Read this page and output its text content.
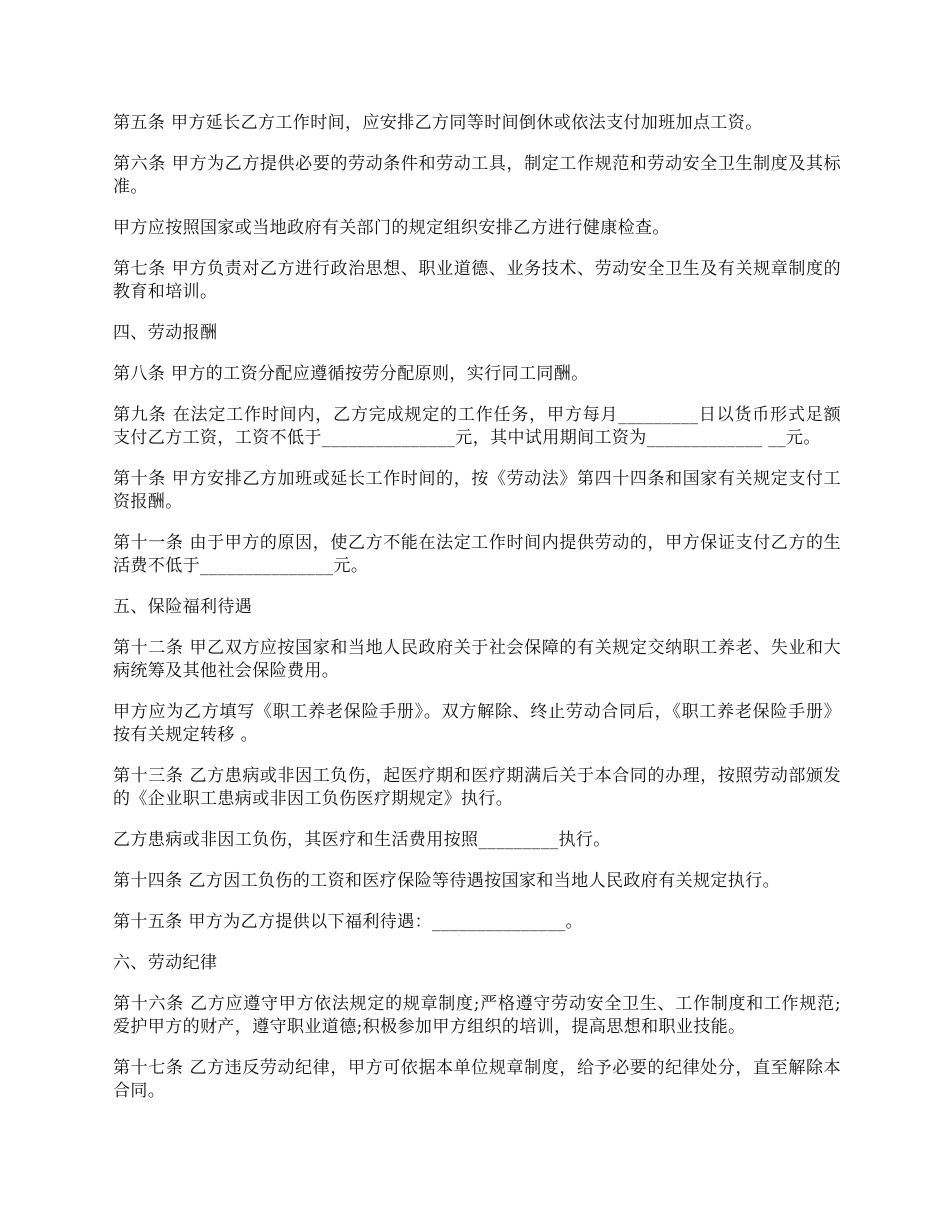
第五条 甲方延长乙方工作时间，应安排乙方同等时间倒休或依法支付加班加点工资。

第六条 甲方为乙方提供必要的劳动条件和劳动工具，制定工作规范和劳动安全卫生制度及其标准。

甲方应按照国家或当地政府有关部门的规定组织安排乙方进行健康检查。

第七条 甲方负责对乙方进行政治思想、职业道德、业务技术、劳动安全卫生及有关规章制度的教育和培训。

四、劳动报酬

第八条 甲方的工资分配应遵循按劳分配原则，实行同工同酬。

第九条 在法定工作时间内，乙方完成规定的工作任务，甲方每月_________日以货币形式足额支付乙方工资，工资不低于_______________元，其中试用期间工资为_____________ __元。

第十条 甲方安排乙方加班或延长工作时间的，按《劳动法》第四十四条和国家有关规定支付工资报酬。

第十一条 由于甲方的原因，使乙方不能在法定工作时间内提供劳动的，甲方保证支付乙方的生活费不低于_______________元。

五、保险福利待遇

第十二条 甲乙双方应按国家和当地人民政府关于社会保障的有关规定交纳职工养老、失业和大病统筹及其他社会保险费用。

甲方应为乙方填写《职工养老保险手册》。双方解除、终止劳动合同后，《职工养老保险手册》按有关规定转移 。

第十三条 乙方患病或非因工负伤，起医疗期和医疗期满后关于本合同的办理，按照劳动部颁发的《企业职工患病或非因工负伤医疗期规定》执行。

乙方患病或非因工负伤，其医疗和生活费用按照_________执行。

第十四条 乙方因工负伤的工资和医疗保险等待遇按国家和当地人民政府有关规定执行。

第十五条 甲方为乙方提供以下福利待遇：_______________。

六、劳动纪律

第十六条 乙方应遵守甲方依法规定的规章制度;严格遵守劳动安全卫生、工作制度和工作规范;爱护甲方的财产，遵守职业道德;积极参加甲方组织的培训，提高思想和职业技能。

第十七条 乙方违反劳动纪律，甲方可依据本单位规章制度，给予必要的纪律处分，直至解除本合同。
